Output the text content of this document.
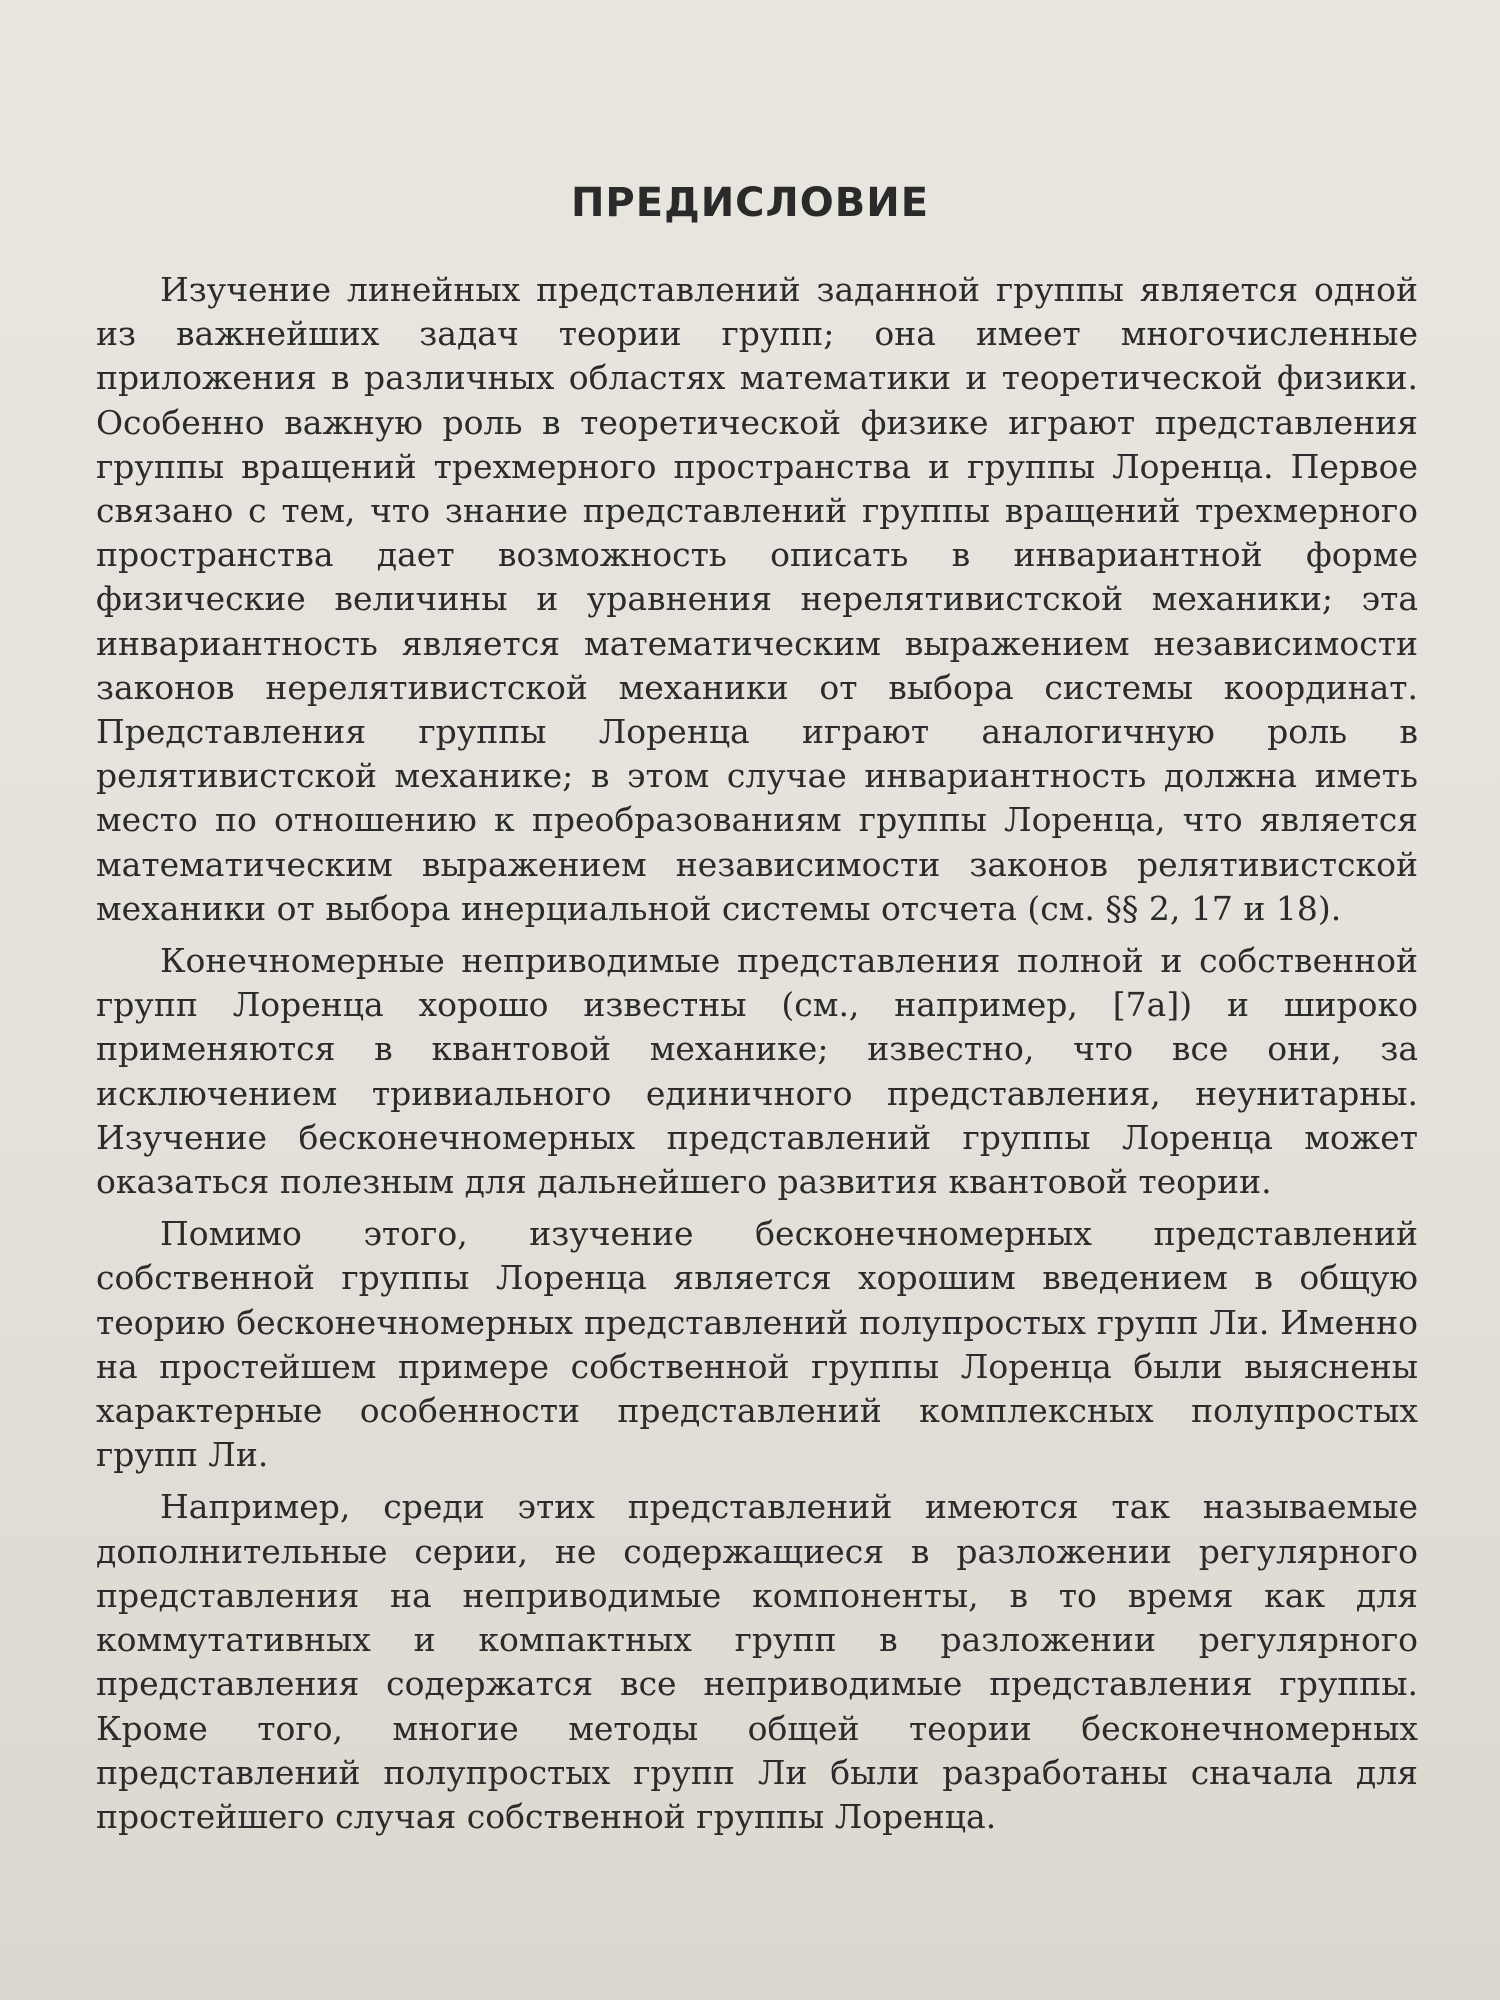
ПРЕДИСЛОВИЕ

Изучение линейных представлений заданной группы является одной из важнейших задач теории групп; она имеет многочисленные приложения в различных областях математики и теоретической физики. Особенно важную роль в теоретической физике играют представления группы вращений трехмерного пространства и группы Лоренца. Первое связано с тем, что знание представлений группы вращений трехмерного пространства дает возможность описать в инвариантной форме физические величины и уравнения нерелятивистской механики; эта инвариантность является математическим выражением независимости законов нерелятивистской механики от выбора системы координат. Представления группы Лоренца играют аналогичную роль в релятивистской механике; в этом случае инвариантность должна иметь место по отношению к преобразованиям группы Лоренца, что является математическим выражением независимости законов релятивистской механики от выбора инерциальной системы отсчета (см. §§ 2, 17 и 18).

Конечномерные неприводимые представления полной и собственной групп Лоренца хорошо известны (см., например, [7а]) и широко применяются в квантовой механике; известно, что все они, за исключением тривиального единичного представления, неунитарны. Изучение бесконечномерных представлений группы Лоренца может оказаться полезным для дальнейшего развития квантовой теории.

Помимо этого, изучение бесконечномерных представлений собственной группы Лоренца является хорошим введением в общую теорию бесконечномерных представлений полупростых групп Ли. Именно на простейшем примере собственной группы Лоренца были выяснены характерные особенности представлений комплексных полупростых групп Ли.

Например, среди этих представлений имеются так называемые дополнительные серии, не содержащиеся в разложении регулярного представления на неприводимые компоненты, в то время как для коммутативных и компактных групп в разложении регулярного представления содержатся все неприводимые представления группы. Кроме того, многие методы общей теории бесконечномерных представлений полупростых групп Ли были разработаны сначала для простейшего случая собственной группы Лоренца.
